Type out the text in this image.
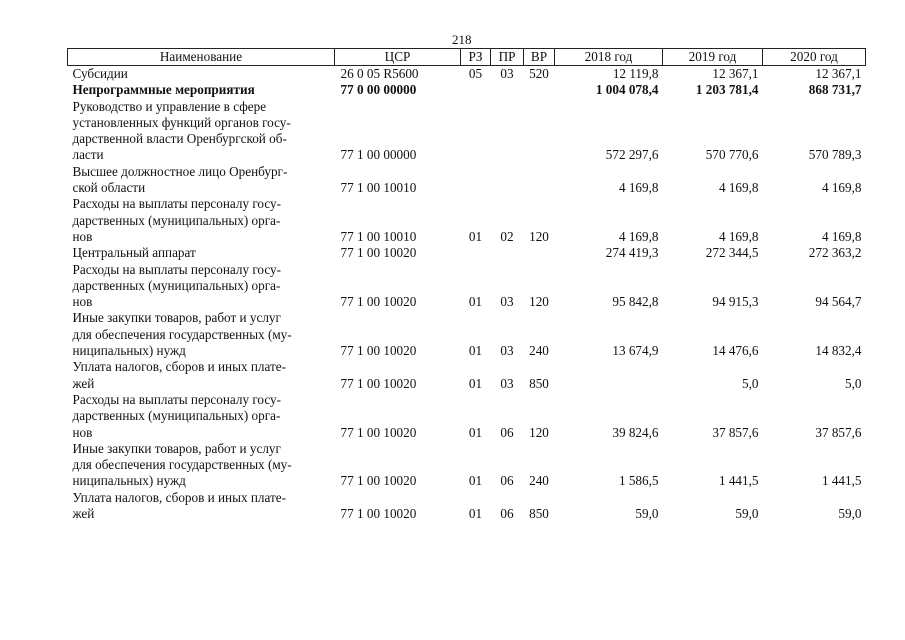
218
Наименование	ЦСР	РЗ	ПР	ВР	2018 год	2019 год	2020 год
Субсидии	26 0 05 R5600	05	03	520	12 119,8	12 367,1	12 367,1
Непрограммные мероприятия	77 0 00 00000				1 004 078,4	1 203 781,4	868 731,7
Руководство и управление в сфере
установленных функций органов госу-
дарственной власти Оренбургской об-
ласти	77 1 00 00000				572 297,6	570 770,6	570 789,3
Высшее должностное лицо Оренбург-
ской области	77 1 00 10010				4 169,8	4 169,8	4 169,8
Расходы на выплаты персоналу госу-
дарственных (муниципальных) орга-
нов	77 1 00 10010	01	02	120	4 169,8	4 169,8	4 169,8
Центральный аппарат	77 1 00 10020				274 419,3	272 344,5	272 363,2
Расходы на выплаты персоналу госу-
дарственных (муниципальных) орга-
нов	77 1 00 10020	01	03	120	95 842,8	94 915,3	94 564,7
Иные закупки товаров, работ и услуг
для обеспечения государственных (му-
ниципальных) нужд	77 1 00 10020	01	03	240	13 674,9	14 476,6	14 832,4
Уплата налогов, сборов и иных плате-
жей	77 1 00 10020	01	03	850		5,0	5,0
Расходы на выплаты персоналу госу-
дарственных (муниципальных) орга-
нов	77 1 00 10020	01	06	120	39 824,6	37 857,6	37 857,6
Иные закупки товаров, работ и услуг
для обеспечения государственных (му-
ниципальных) нужд	77 1 00 10020	01	06	240	1 586,5	1 441,5	1 441,5
Уплата налогов, сборов и иных плате-
жей	77 1 00 10020	01	06	850	59,0	59,0	59,0
